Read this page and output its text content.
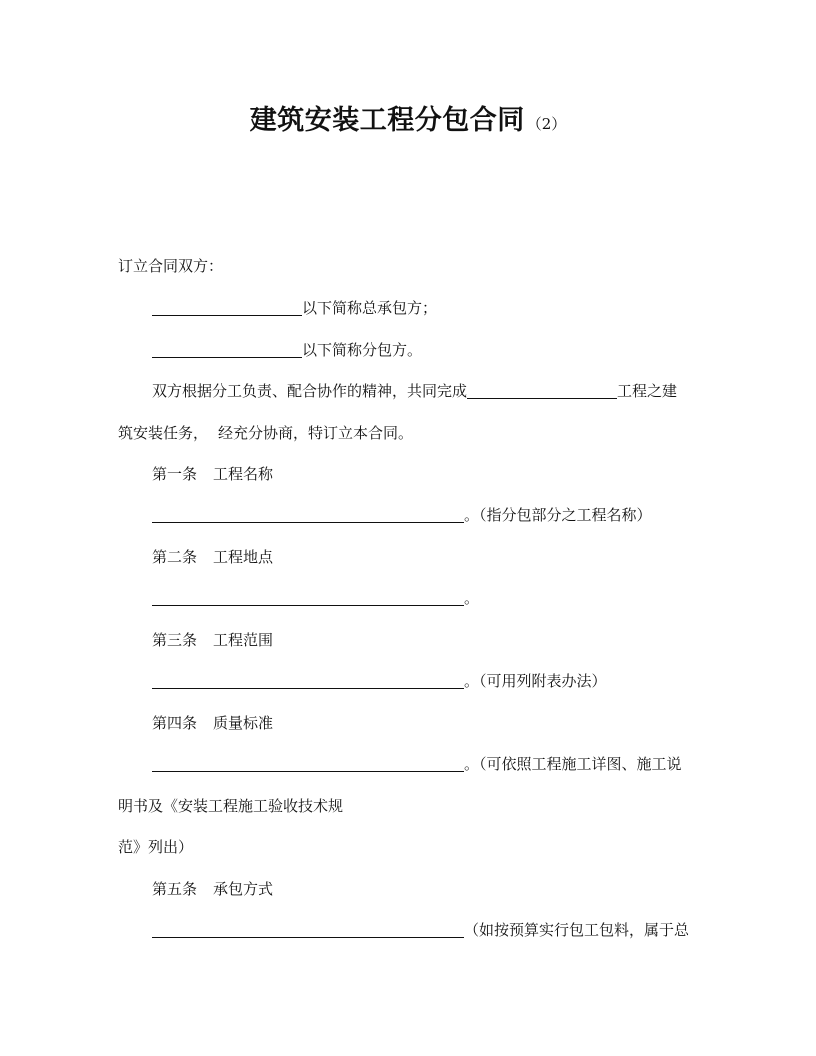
建筑安装工程分包合同 （2）
订立合同双方：
以下简称总承包方；
以下简称分包方。
双方根据分工负责、配合协作的精神，共同完成	工程之建
筑安装任务， 经充分协商，特订立本合同。
第一条 工程名称
。（指分包部分之工程名称）
第二条 工程地点
。
第三条 工程范围
。（可用列附表办法）
第四条 质量标准
。（可依照工程施工详图、施工说
明书及《安装工程施工验收技术规
范》列出）
第五条 承包方式
（如按预算实行包工包料，属于总
